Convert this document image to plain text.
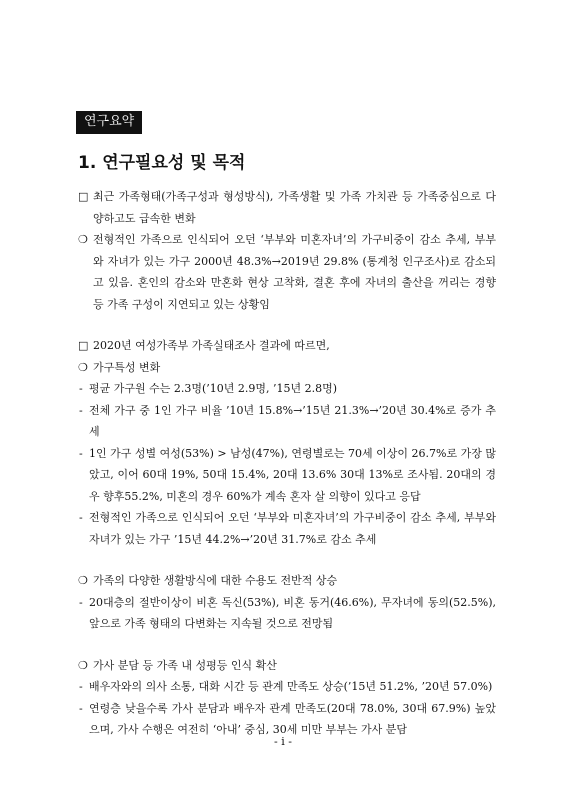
연구요약
1. 연구필요성 및 목적
□ 최근 가족형태(가족구성과 형성방식), 가족생활 및 가족 가치관 등 가족중심으로 다양하고도 급속한 변화
❍ 전형적인 가족으로 인식되어 오던 ‘부부와 미혼자녀’의 가구비중이 감소 추세, 부부와 자녀가 있는 가구 2000년 48.3%→2019년 29.8% (통계청 인구조사)로 감소되고 있음. 혼인의 감소와 만혼화 현상 고착화, 결혼 후에 자녀의 출산을 꺼리는 경향 등 가족 구성이 지연되고 있는 상황임
□ 2020년 여성가족부 가족실태조사 결과에 따르면,
❍ 가구특성 변화
- 평균 가구원 수는 2.3명(’10년 2.9명, ’15년 2.8명)
- 전체 가구 중 1인 가구 비율 ’10년 15.8%→’15년 21.3%→’20년 30.4%로 증가 추세
- 1인 가구 성별 여성(53%) > 남성(47%), 연령별로는 70세 이상이 26.7%로 가장 많았고, 이어 60대 19%, 50대 15.4%, 20대 13.6% 30대 13%로 조사됨. 20대의 경우 향후55.2%, 미혼의 경우 60%가 계속 혼자 살 의향이 있다고 응답
- 전형적인 가족으로 인식되어 오던 ‘부부와 미혼자녀’의 가구비중이 감소 추세, 부부와 자녀가 있는 가구 ’15년 44.2%→’20년 31.7%로 감소 추세
❍ 가족의 다양한 생활방식에 대한 수용도 전반적 상승
- 20대층의 절반이상이 비혼 독신(53%), 비혼 동거(46.6%), 무자녀에 동의(52.5%), 앞으로 가족 형태의 다변화는 지속될 것으로 전망됨
❍ 가사 분담 등 가족 내 성평등 인식 확산
- 배우자와의 의사 소통, 대화 시간 등 관계 만족도 상승(’15년 51.2%, ’20년 57.0%)
- 연령층 낮을수록 가사 분담과 배우자 관계 만족도(20대 78.0%, 30대 67.9%) 높았으며, 가사 수행은 여전히 ‘아내’ 중심, 30세 미만 부부는 가사 분담
- i -
